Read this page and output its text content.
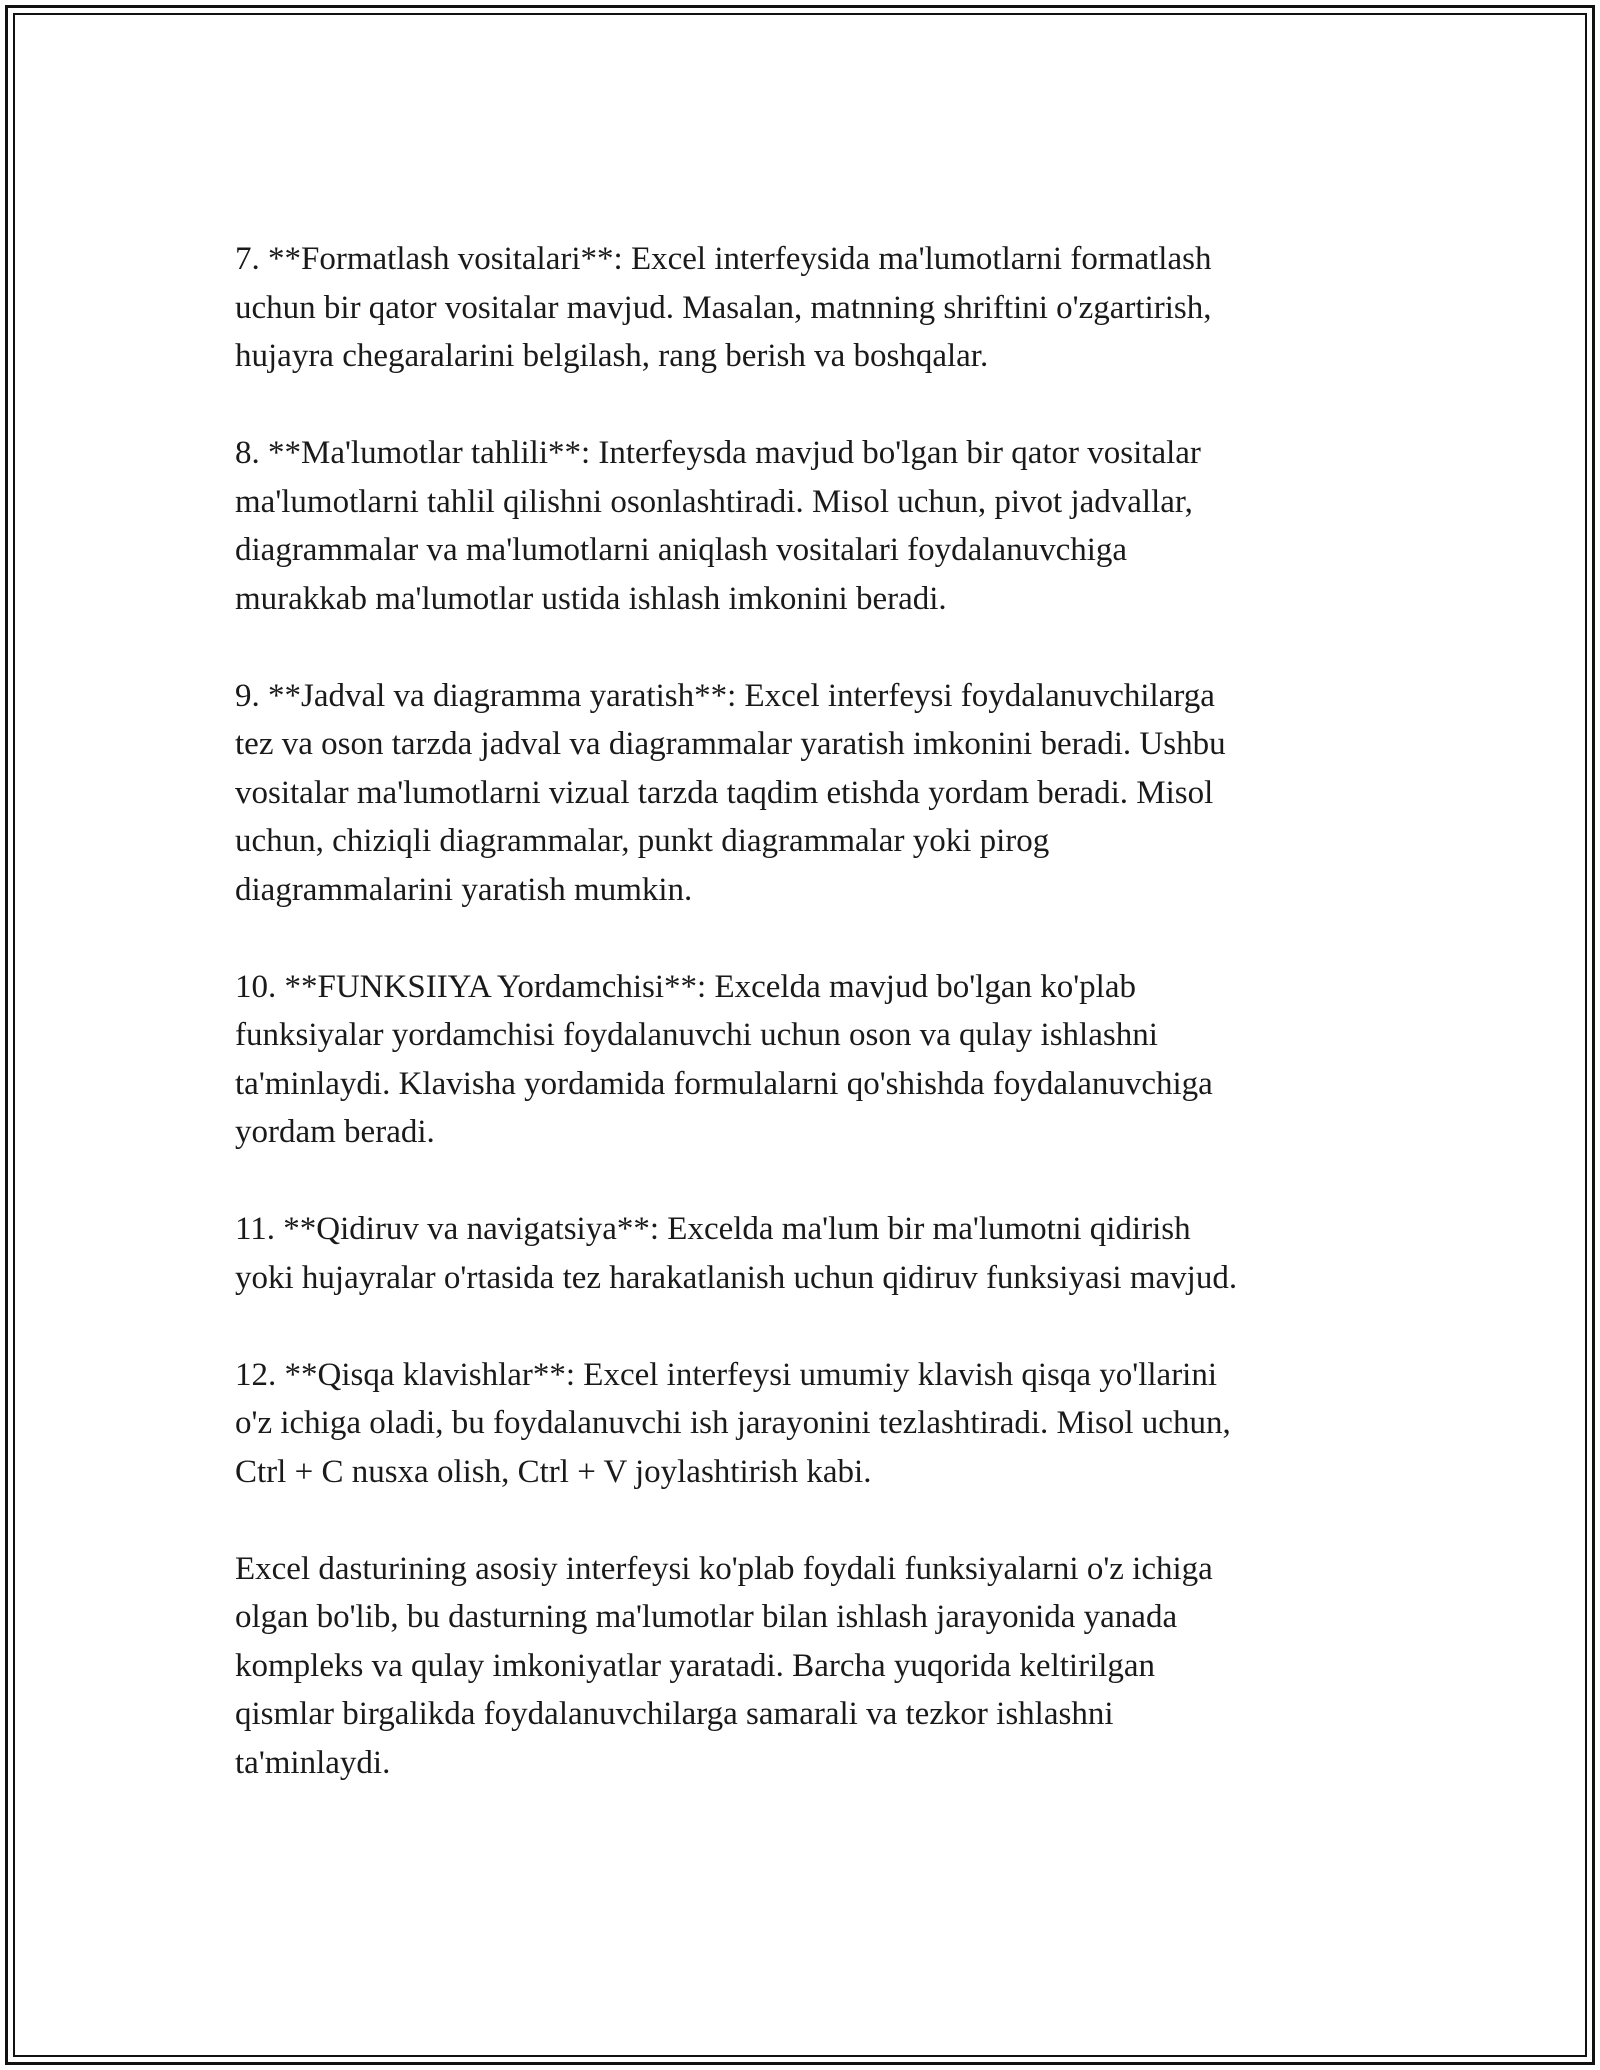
7. **Formatlash vositalari**: Excel interfeysida ma'lumotlarni formatlash
uchun bir qator vositalar mavjud. Masalan, matnning shriftini o'zgartirish,
hujayra chegaralarini belgilash, rang berish va boshqalar.

8. **Ma'lumotlar tahlili**: Interfeysda mavjud bo'lgan bir qator vositalar
ma'lumotlarni tahlil qilishni osonlashtiradi. Misol uchun, pivot jadvallar,
diagrammalar va ma'lumotlarni aniqlash vositalari foydalanuvchiga
murakkab ma'lumotlar ustida ishlash imkonini beradi.

9. **Jadval va diagramma yaratish**: Excel interfeysi foydalanuvchilarga
tez va oson tarzda jadval va diagrammalar yaratish imkonini beradi. Ushbu
vositalar ma'lumotlarni vizual tarzda taqdim etishda yordam beradi. Misol
uchun, chiziqli diagrammalar, punkt diagrammalar yoki pirog
diagrammalarini yaratish mumkin.

10. **FUNKSIIYA Yordamchisi**: Excelda mavjud bo'lgan ko'plab
funksiyalar yordamchisi foydalanuvchi uchun oson va qulay ishlashni
ta'minlaydi. Klavisha yordamida formulalarni qo'shishda foydalanuvchiga
yordam beradi.

11. **Qidiruv va navigatsiya**: Excelda ma'lum bir ma'lumotni qidirish
yoki hujayralar o'rtasida tez harakatlanish uchun qidiruv funksiyasi mavjud.

12. **Qisqa klavishlar**: Excel interfeysi umumiy klavish qisqa yo'llarini
o'z ichiga oladi, bu foydalanuvchi ish jarayonini tezlashtiradi. Misol uchun,
Ctrl + C nusxa olish, Ctrl + V joylashtirish kabi.

Excel dasturining asosiy interfeysi ko'plab foydali funksiyalarni o'z ichiga
olgan bo'lib, bu dasturning ma'lumotlar bilan ishlash jarayonida yanada
kompleks va qulay imkoniyatlar yaratadi. Barcha yuqorida keltirilgan
qismlar birgalikda foydalanuvchilarga samarali va tezkor ishlashni
ta'minlaydi.
